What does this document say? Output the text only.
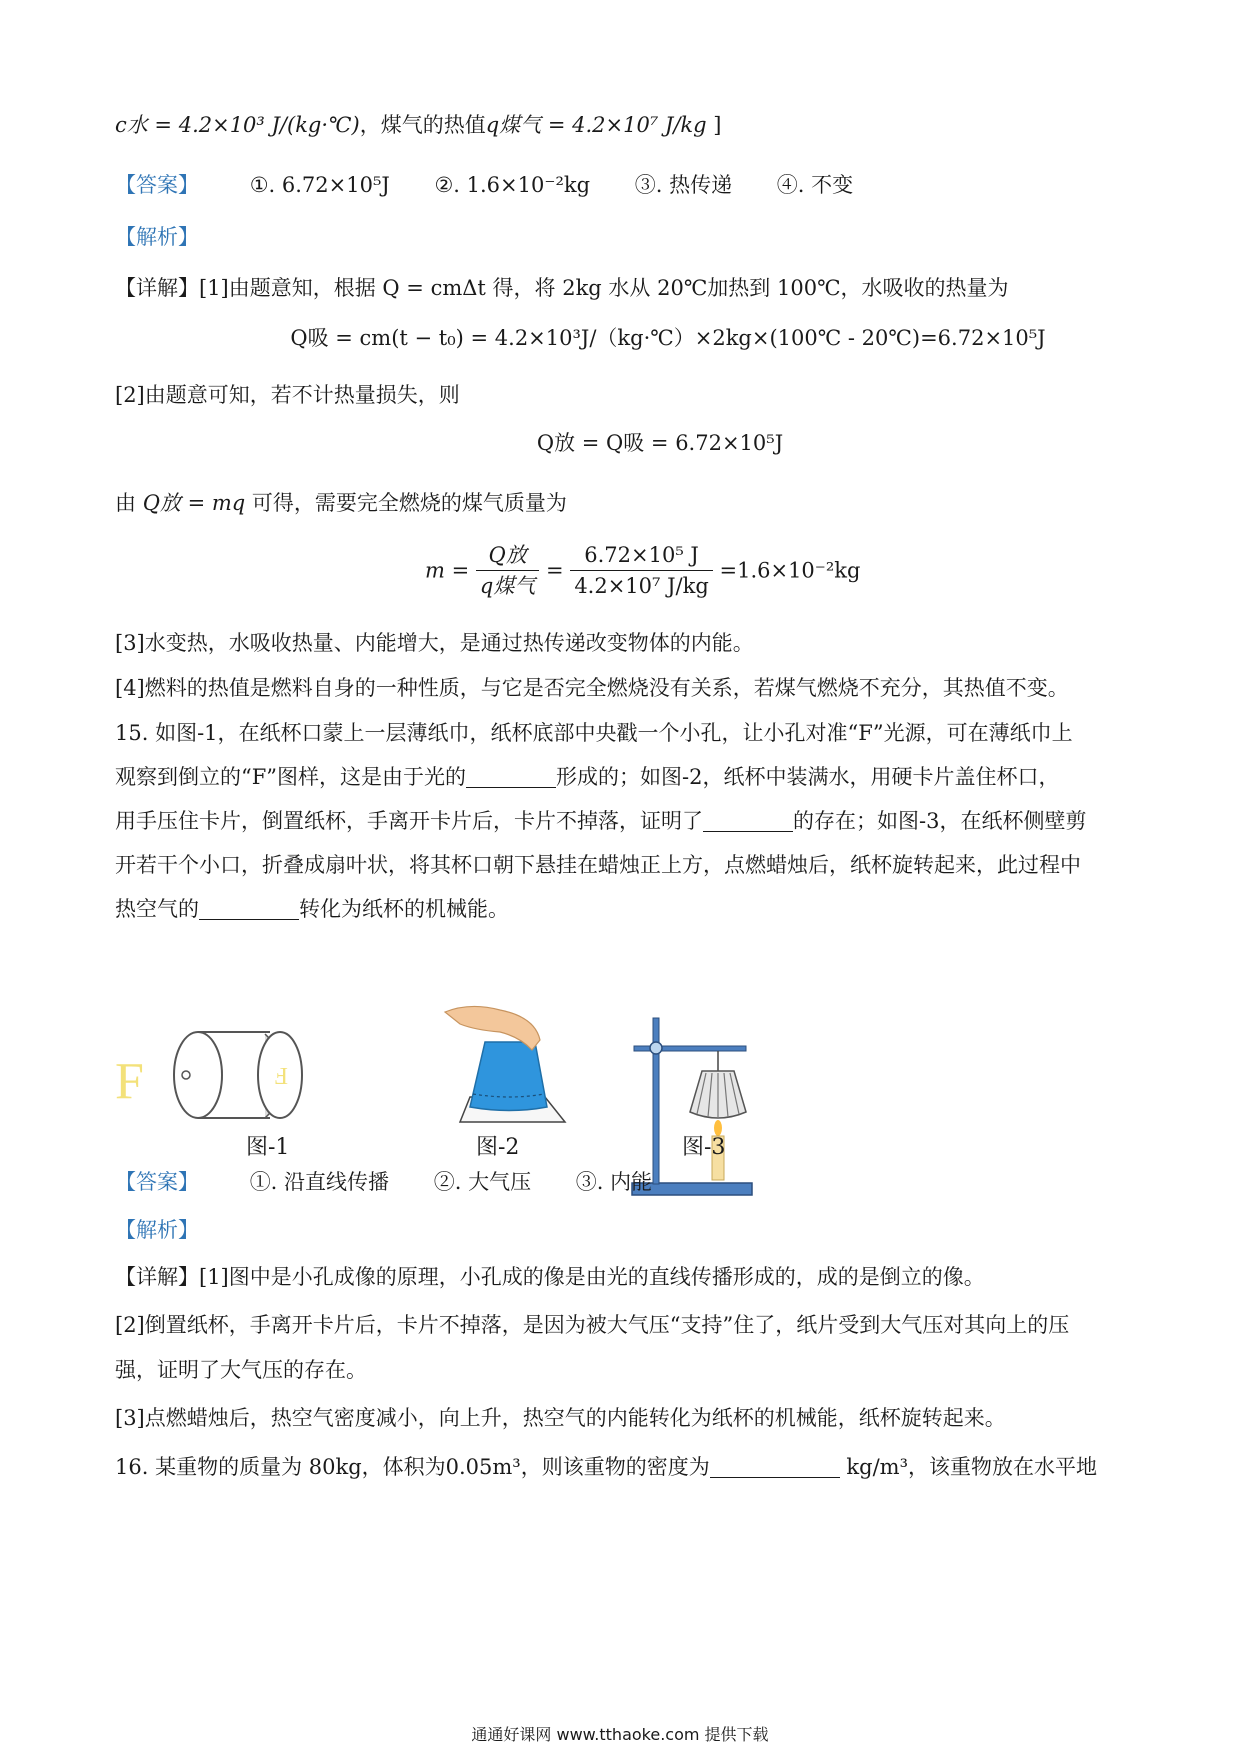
c水 = 4.2×10³ J/(kg·℃)，煤气的热值q煤气 = 4.2×10⁷ J/kg ]
【答案】 ①. 6.72×10⁵J ②. 1.6×10⁻²kg ③. 热传递 ④. 不变
【解析】
【详解】[1]由题意知，根据 Q = cmΔt 得，将 2kg 水从 20℃加热到 100℃，水吸收的热量为
Q吸 = cm(t − t₀) = 4.2×10³J/（kg·℃）×2kg×(100℃ - 20℃)=6.72×10⁵J
[2]由题意可知，若不计热量损失，则
Q放 = Q吸 = 6.72×10⁵J
由 Q放 = mq 可得，需要完全燃烧的煤气质量为
$m = \frac{\text{Q放}}{\text{q煤气}} = \frac{\text{6.72×10⁵ J}}{\text{4.2×10⁷ J/kg}} =1.6\times 10^{-2}kg$
[3]水变热，水吸收热量、内能增大，是通过热传递改变物体的内能。
[4]燃料的热值是燃料自身的一种性质，与它是否完全燃烧没有关系，若煤气燃烧不充分，其热值不变。
15. 如图-1，在纸杯口蒙上一层薄纸巾，纸杯底部中央戳一个小孔，让小孔对准“F”光源，可在薄纸巾上
观察到倒立的“F”图样，这是由于光的	形成的；如图-2，纸杯中装满水，用硬卡片盖住杯口，
用手压住卡片，倒置纸杯，手离开卡片后，卡片不掉落，证明了	的存在；如图-3，在纸杯侧壁剪
开若干个小口，折叠成扇叶状，将其杯口朝下悬挂在蜡烛正上方，点燃蜡烛后，纸杯旋转起来，此过程中
热空气的	转化为纸杯的机械能。
F	F
图-1	图-2	图-3
【答案】 ①. 沿直线传播 ②. 大气压 ③. 内能
【解析】
【详解】[1]图中是小孔成像的原理，小孔成的像是由光的直线传播形成的，成的是倒立的像。
[2]倒置纸杯，手离开卡片后，卡片不掉落，是因为被大气压“支持”住了，纸片受到大气压对其向上的压
强，证明了大气压的存在。
[3]点燃蜡烛后，热空气密度减小，向上升，热空气的内能转化为纸杯的机械能，纸杯旋转起来。
16. 某重物的质量为 80kg，体积为0.05m³，则该重物的密度为	kg/m³，该重物放在水平地
通通好课网 www.tthaoke.com 提供下载
